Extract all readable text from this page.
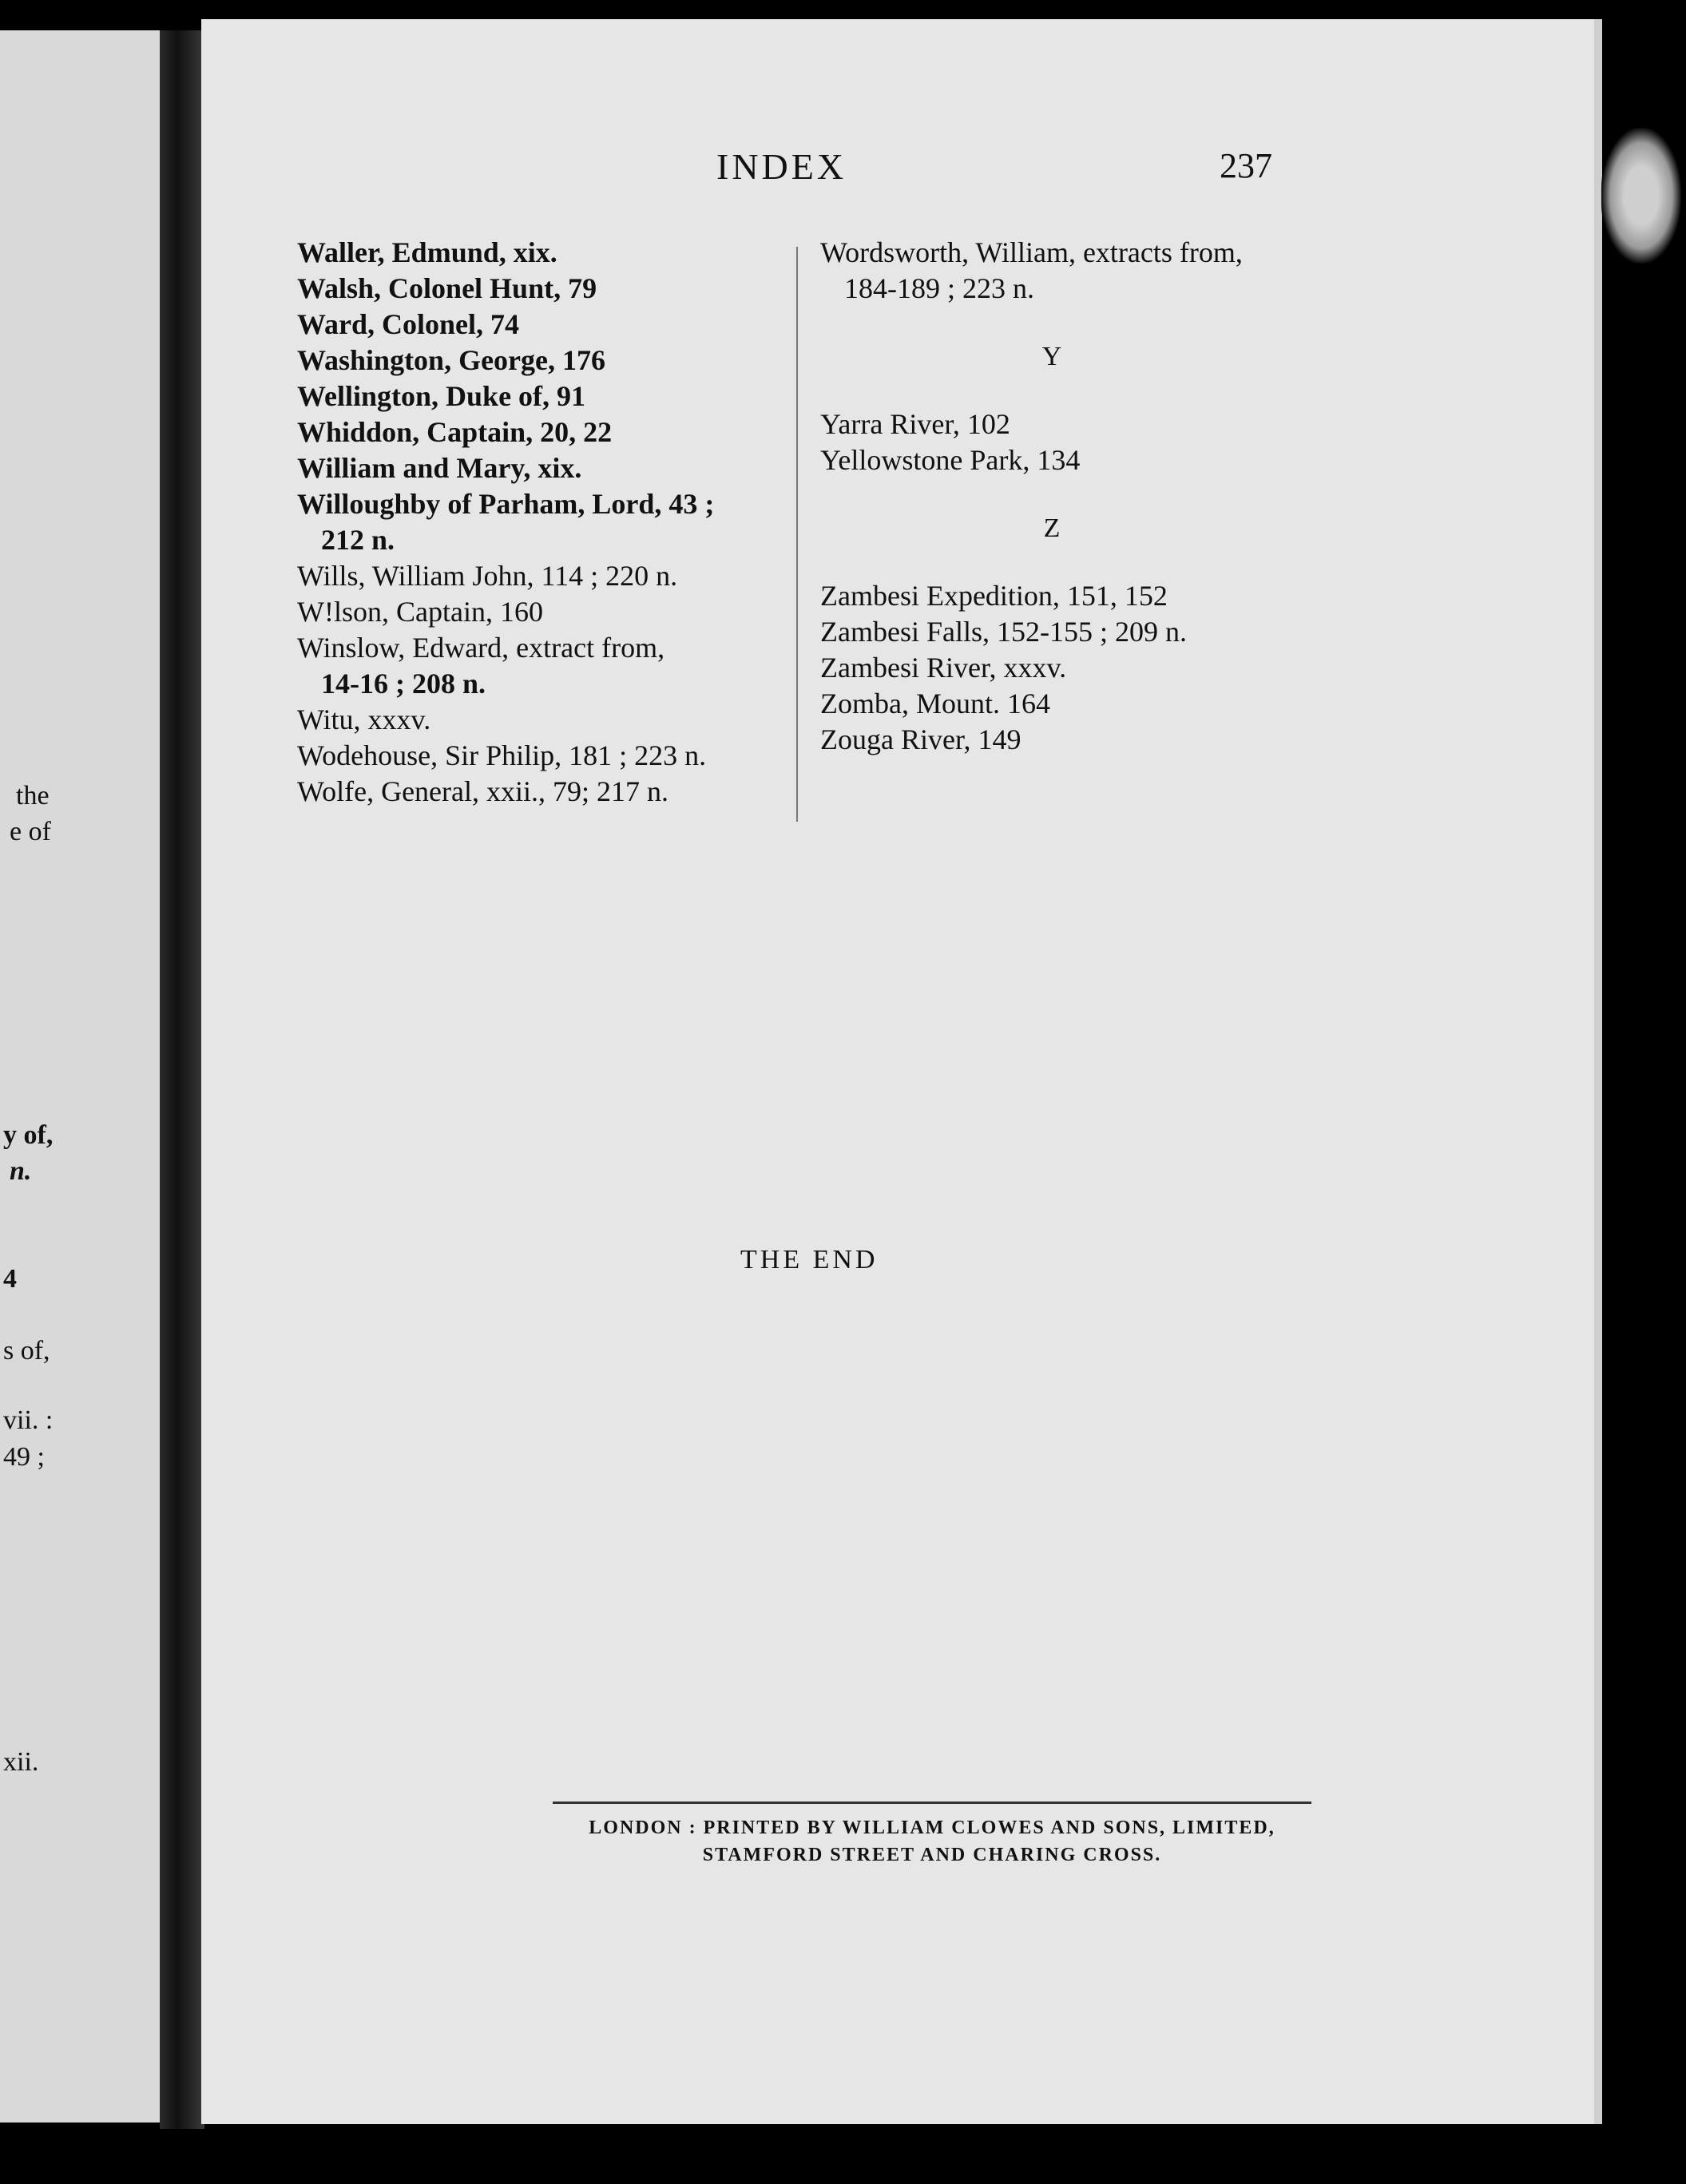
the
e of
y of,
n.
4
s of,
vii. :
49 ;
xii.
INDEX	237
Waller, Edmund, xix.
Walsh, Colonel Hunt, 79
Ward, Colonel, 74
Washington, George, 176
Wellington, Duke of, 91
Whiddon, Captain, 20, 22
William and Mary, xix.
Willoughby of Parham, Lord, 43 ;
212 n.
Wills, William John, 114 ; 220 n.
W!lson, Captain, 160
Winslow, Edward, extract from,
14-16 ; 208 n.
Witu, xxxv.
Wodehouse, Sir Philip, 181 ; 223 n.
Wolfe, General, xxii., 79; 217 n.
Wordsworth, William, extracts from,
184-189 ; 223 n.
Y
Yarra River, 102
Yellowstone Park, 134
Z
Zambesi Expedition, 151, 152
Zambesi Falls, 152-155 ; 209 n.
Zambesi River, xxxv.
Zomba, Mount. 164
Zouga River, 149
THE END
LONDON : PRINTED BY WILLIAM CLOWES AND SONS, LIMITED,
STAMFORD STREET AND CHARING CROSS.
